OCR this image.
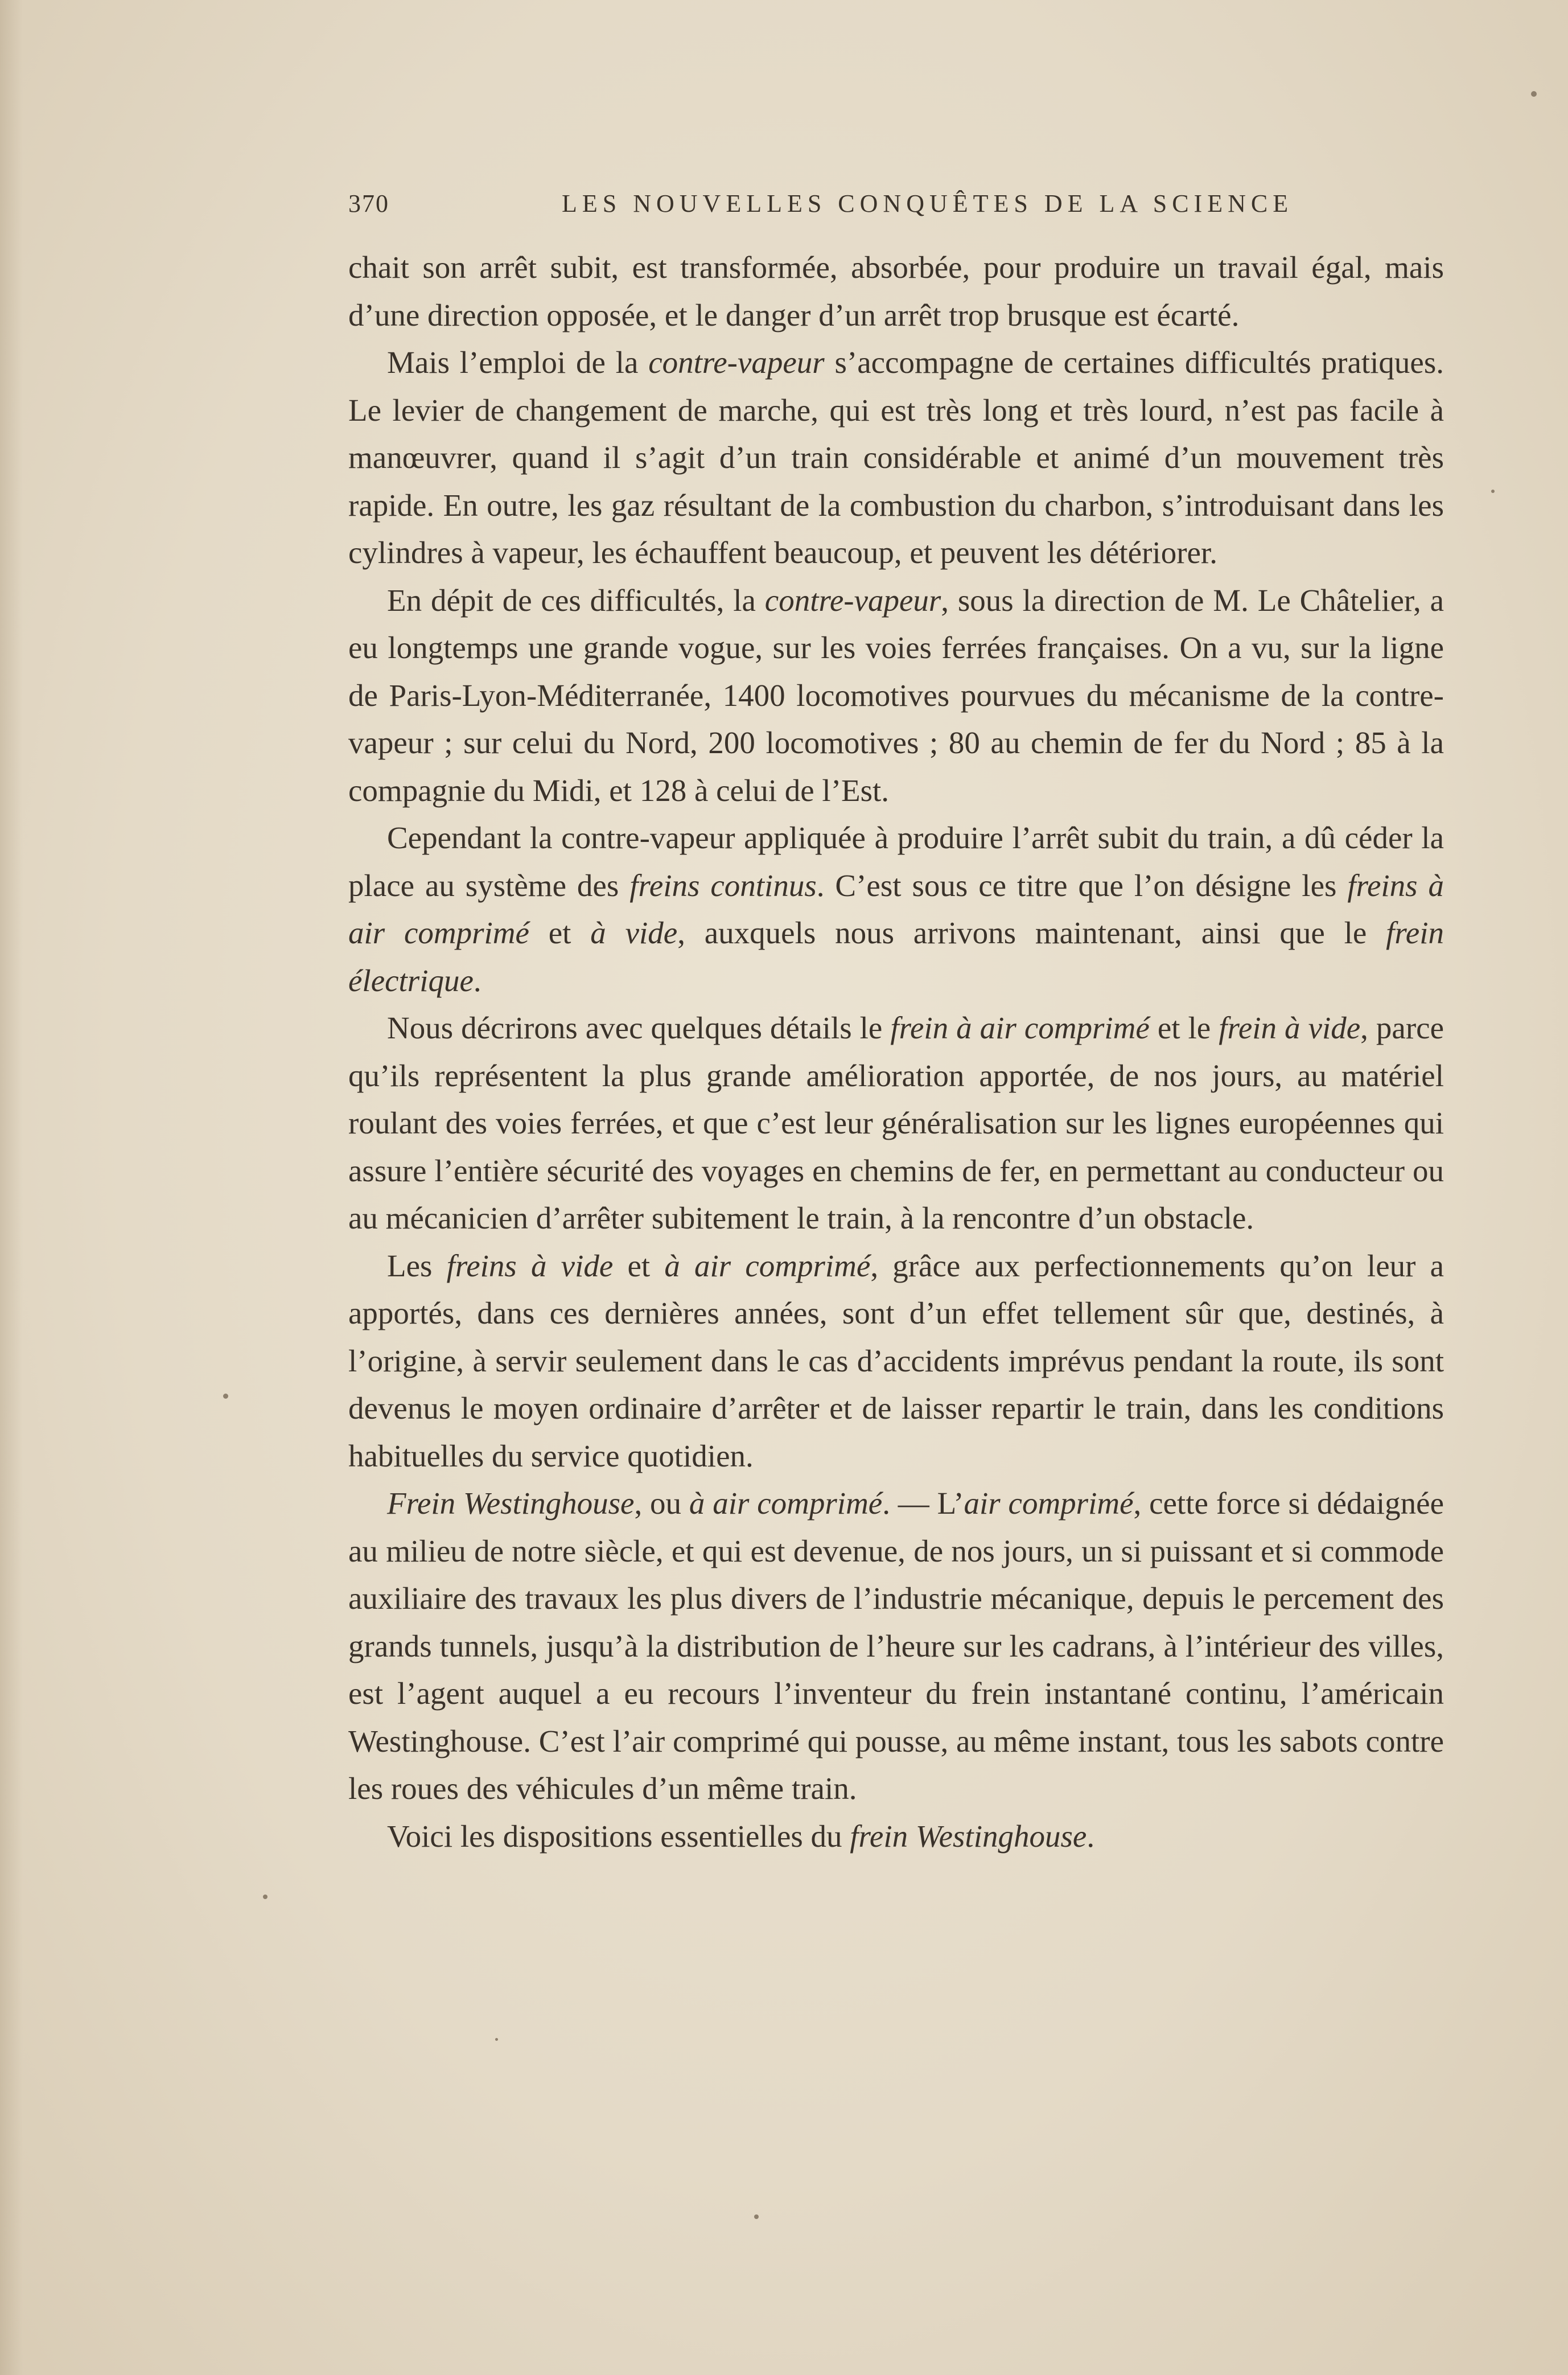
370	LES NOUVELLES CONQUÊTES DE LA SCIENCE

chait son arrêt subit, est transformée, absorbée, pour produire un travail égal, mais d’une direction opposée, et le danger d’un arrêt trop brusque est écarté.

Mais l’emploi de la contre-vapeur s’accompagne de certaines difficultés pratiques. Le levier de changement de marche, qui est très long et très lourd, n’est pas facile à manœuvrer, quand il s’agit d’un train considérable et animé d’un mouvement très rapide. En outre, les gaz résultant de la combustion du charbon, s’introduisant dans les cylindres à vapeur, les échauffent beaucoup, et peuvent les détériorer.

En dépit de ces difficultés, la contre-vapeur, sous la direction de M. Le Châtelier, a eu longtemps une grande vogue, sur les voies ferrées françaises. On a vu, sur la ligne de Paris-Lyon-Méditerranée, 1400 locomotives pourvues du mécanisme de la contre-vapeur ; sur celui du Nord, 200 locomotives ; 80 au chemin de fer du Nord ; 85 à la compagnie du Midi, et 128 à celui de l’Est.

Cependant la contre-vapeur appliquée à produire l’arrêt subit du train, a dû céder la place au système des freins continus. C’est sous ce titre que l’on désigne les freins à air comprimé et à vide, auxquels nous arrivons maintenant, ainsi que le frein électrique.

Nous décrirons avec quelques détails le frein à air comprimé et le frein à vide, parce qu’ils représentent la plus grande amélioration apportée, de nos jours, au matériel roulant des voies ferrées, et que c’est leur généralisation sur les lignes européennes qui assure l’entière sécurité des voyages en chemins de fer, en permettant au conducteur ou au mécanicien d’arrêter subitement le train, à la rencontre d’un obstacle.

Les freins à vide et à air comprimé, grâce aux perfectionnements qu’on leur a apportés, dans ces dernières années, sont d’un effet tellement sûr que, destinés, à l’origine, à servir seulement dans le cas d’accidents imprévus pendant la route, ils sont devenus le moyen ordinaire d’arrêter et de laisser repartir le train, dans les conditions habituelles du service quotidien.

Frein Westinghouse, ou à air comprimé. — L’air comprimé, cette force si dédaignée au milieu de notre siècle, et qui est devenue, de nos jours, un si puissant et si commode auxiliaire des travaux les plus divers de l’industrie mécanique, depuis le percement des grands tunnels, jusqu’à la distribution de l’heure sur les cadrans, à l’intérieur des villes, est l’agent auquel a eu recours l’inventeur du frein instantané continu, l’américain Westinghouse. C’est l’air comprimé qui pousse, au même instant, tous les sabots contre les roues des véhicules d’un même train.

Voici les dispositions essentielles du frein Westinghouse.
